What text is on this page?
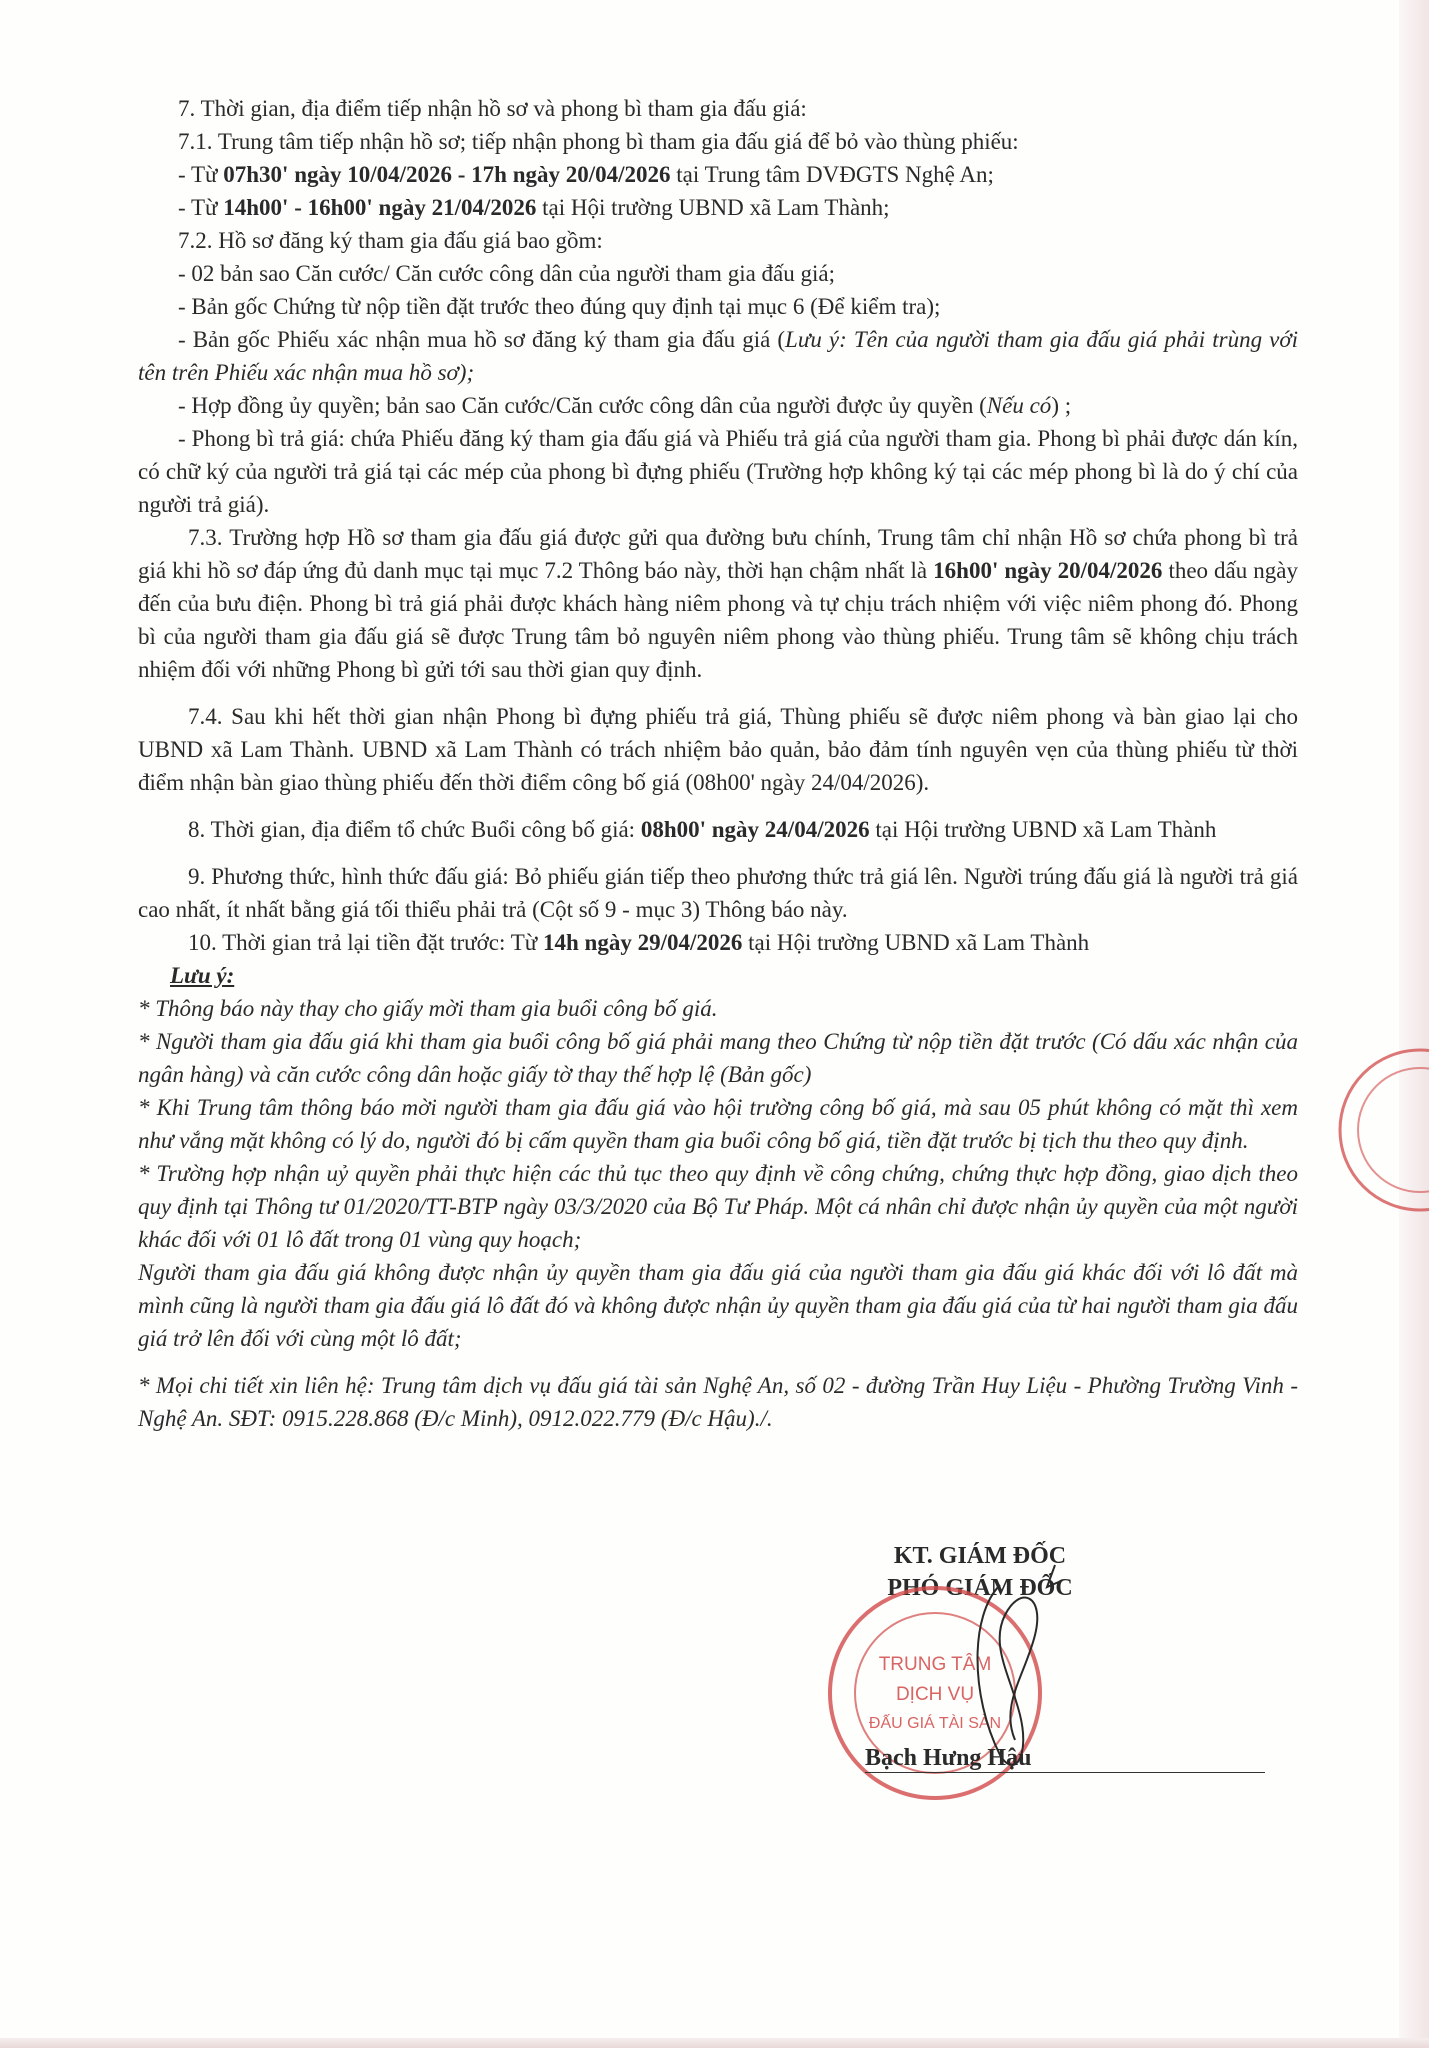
7. Thời gian, địa điểm tiếp nhận hồ sơ và phong bì tham gia đấu giá:

7.1. Trung tâm tiếp nhận hồ sơ; tiếp nhận phong bì tham gia đấu giá để bỏ vào thùng phiếu:

- Từ 07h30' ngày 10/04/2026 - 17h ngày 20/04/2026 tại Trung tâm DVĐGTS Nghệ An;

- Từ 14h00' - 16h00' ngày 21/04/2026 tại Hội trường UBND xã Lam Thành;

7.2. Hồ sơ đăng ký tham gia đấu giá bao gồm:

- 02 bản sao Căn cước/ Căn cước công dân của người tham gia đấu giá;

- Bản gốc Chứng từ nộp tiền đặt trước theo đúng quy định tại mục 6 (Để kiểm tra);

- Bản gốc Phiếu xác nhận mua hồ sơ đăng ký tham gia đấu giá (Lưu ý: Tên của người tham gia đấu giá phải trùng với tên trên Phiếu xác nhận mua hồ sơ);

- Hợp đồng ủy quyền; bản sao Căn cước/Căn cước công dân của người được ủy quyền (Nếu có) ;

- Phong bì trả giá: chứa Phiếu đăng ký tham gia đấu giá và Phiếu trả giá của người tham gia. Phong bì phải được dán kín, có chữ ký của người trả giá tại các mép của phong bì đựng phiếu (Trường hợp không ký tại các mép phong bì là do ý chí của người trả giá).

7.3. Trường hợp Hồ sơ tham gia đấu giá được gửi qua đường bưu chính, Trung tâm chỉ nhận Hồ sơ chứa phong bì trả giá khi hồ sơ đáp ứng đủ danh mục tại mục 7.2 Thông báo này, thời hạn chậm nhất là 16h00' ngày 20/04/2026 theo dấu ngày đến của bưu điện. Phong bì trả giá phải được khách hàng niêm phong và tự chịu trách nhiệm với việc niêm phong đó. Phong bì của người tham gia đấu giá sẽ được Trung tâm bỏ nguyên niêm phong vào thùng phiếu. Trung tâm sẽ không chịu trách nhiệm đối với những Phong bì gửi tới sau thời gian quy định.

7.4. Sau khi hết thời gian nhận Phong bì đựng phiếu trả giá, Thùng phiếu sẽ được niêm phong và bàn giao lại cho UBND xã Lam Thành. UBND xã Lam Thành có trách nhiệm bảo quản, bảo đảm tính nguyên vẹn của thùng phiếu từ thời điểm nhận bàn giao thùng phiếu đến thời điểm công bố giá (08h00' ngày 24/04/2026).

8. Thời gian, địa điểm tổ chức Buổi công bố giá: 08h00' ngày 24/04/2026 tại Hội trường UBND xã Lam Thành

9. Phương thức, hình thức đấu giá: Bỏ phiếu gián tiếp theo phương thức trả giá lên. Người trúng đấu giá là người trả giá cao nhất, ít nhất bằng giá tối thiểu phải trả (Cột số 9 - mục 3) Thông báo này.

10. Thời gian trả lại tiền đặt trước: Từ 14h ngày 29/04/2026 tại Hội trường UBND xã Lam Thành

Lưu ý:

* Thông báo này thay cho giấy mời tham gia buổi công bố giá.

* Người tham gia đấu giá khi tham gia buổi công bố giá phải mang theo Chứng từ nộp tiền đặt trước (Có dấu xác nhận của ngân hàng) và căn cước công dân hoặc giấy tờ thay thế hợp lệ (Bản gốc)

* Khi Trung tâm thông báo mời người tham gia đấu giá vào hội trường công bố giá, mà sau 05 phút không có mặt thì xem như vắng mặt không có lý do, người đó bị cấm quyền tham gia buổi công bố giá, tiền đặt trước bị tịch thu theo quy định.

* Trường hợp nhận uỷ quyền phải thực hiện các thủ tục theo quy định về công chứng, chứng thực hợp đồng, giao dịch theo quy định tại Thông tư 01/2020/TT-BTP ngày 03/3/2020 của Bộ Tư Pháp. Một cá nhân chỉ được nhận ủy quyền của một người khác đối với 01 lô đất trong 01 vùng quy hoạch;

Người tham gia đấu giá không được nhận ủy quyền tham gia đấu giá của người tham gia đấu giá khác đối với lô đất mà mình cũng là người tham gia đấu giá lô đất đó và không được nhận ủy quyền tham gia đấu giá của từ hai người tham gia đấu giá trở lên đối với cùng một lô đất;

* Mọi chi tiết xin liên hệ: Trung tâm dịch vụ đấu giá tài sản Nghệ An, số 02 - đường Trần Huy Liệu - Phường Trường Vinh - Nghệ An. SĐT: 0915.228.868 (Đ/c Minh), 0912.022.779 (Đ/c Hậu)./.

KT. GIÁM ĐỐC
PHÓ GIÁM ĐỐC
TRUNG TÂM
DỊCH VỤ
ĐẤU GIÁ TÀI SẢN
Bạch Hưng Hậu
